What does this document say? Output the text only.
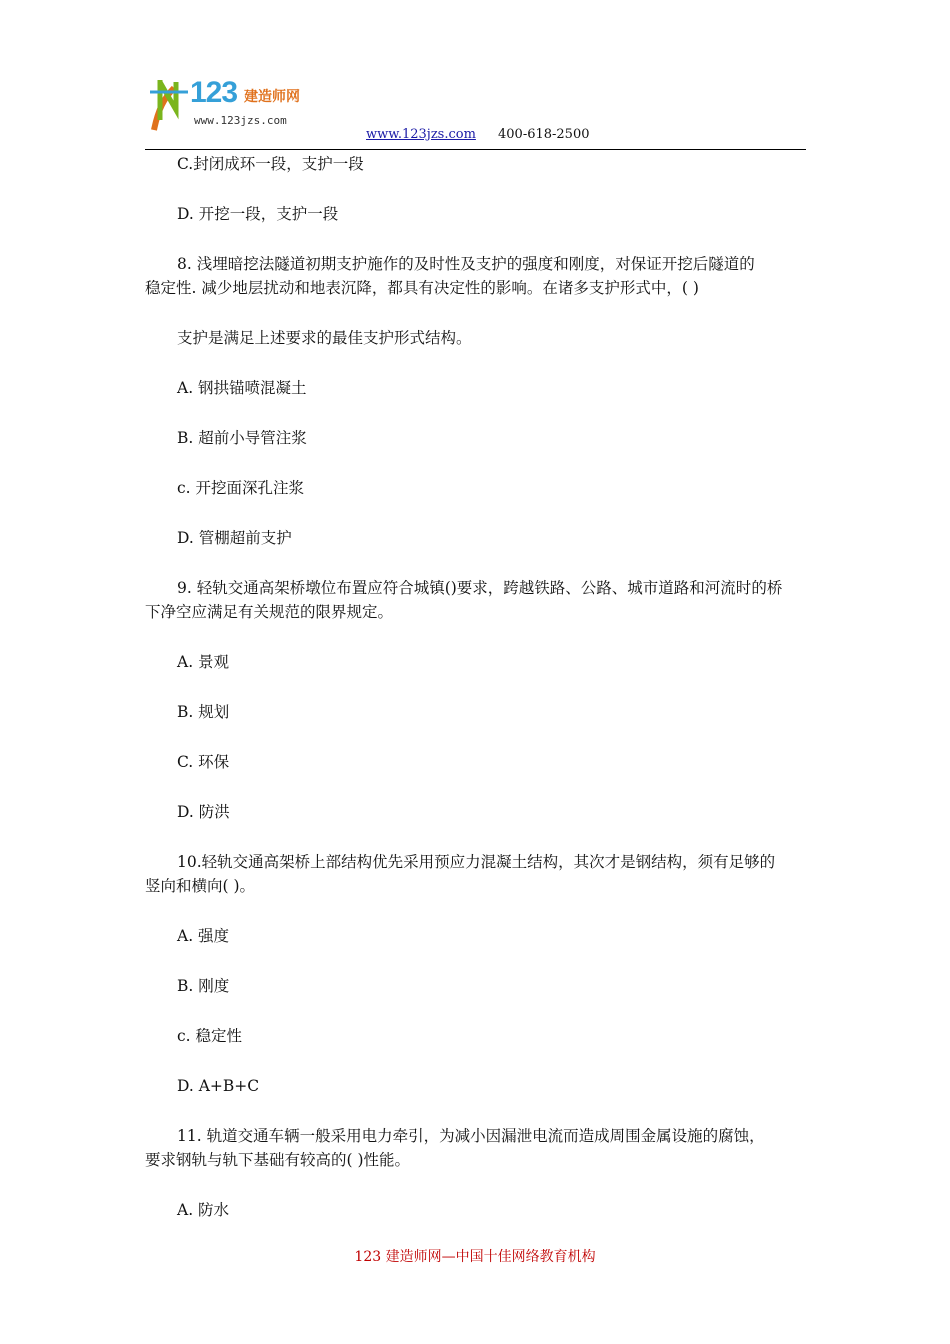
123 建造师网
www.123jzs.com
www.123jzs.com 400-618-2500

C.封闭成环一段，支护一段

D. 开挖一段，支护一段

8. 浅埋暗挖法隧道初期支护施作的及时性及支护的强度和刚度，对保证开挖后隧道的

稳定性. 减少地层扰动和地表沉降，都具有决定性的影响。在诸多支护形式中，( )

支护是满足上述要求的最佳支护形式结构。

A. 钢拱锚喷混凝土

B. 超前小导管注浆

c. 开挖面深孔注浆

D. 管棚超前支护

9. 轻轨交通高架桥墩位布置应符合城镇()要求，跨越铁路、公路、城市道路和河流时的桥

下净空应满足有关规范的限界规定。

A. 景观

B. 规划

C. 环保

D. 防洪

10.轻轨交通高架桥上部结构优先采用预应力混凝土结构，其次才是钢结构，须有足够的

竖向和横向( )。

A. 强度

B. 刚度

c. 稳定性

D. A+B+C

11. 轨道交通车辆一般采用电力牵引，为减小因漏泄电流而造成周围金属设施的腐蚀，

要求钢轨与轨下基础有较高的( )性能。

A. 防水

123 建造师网—中国十佳网络教育机构
